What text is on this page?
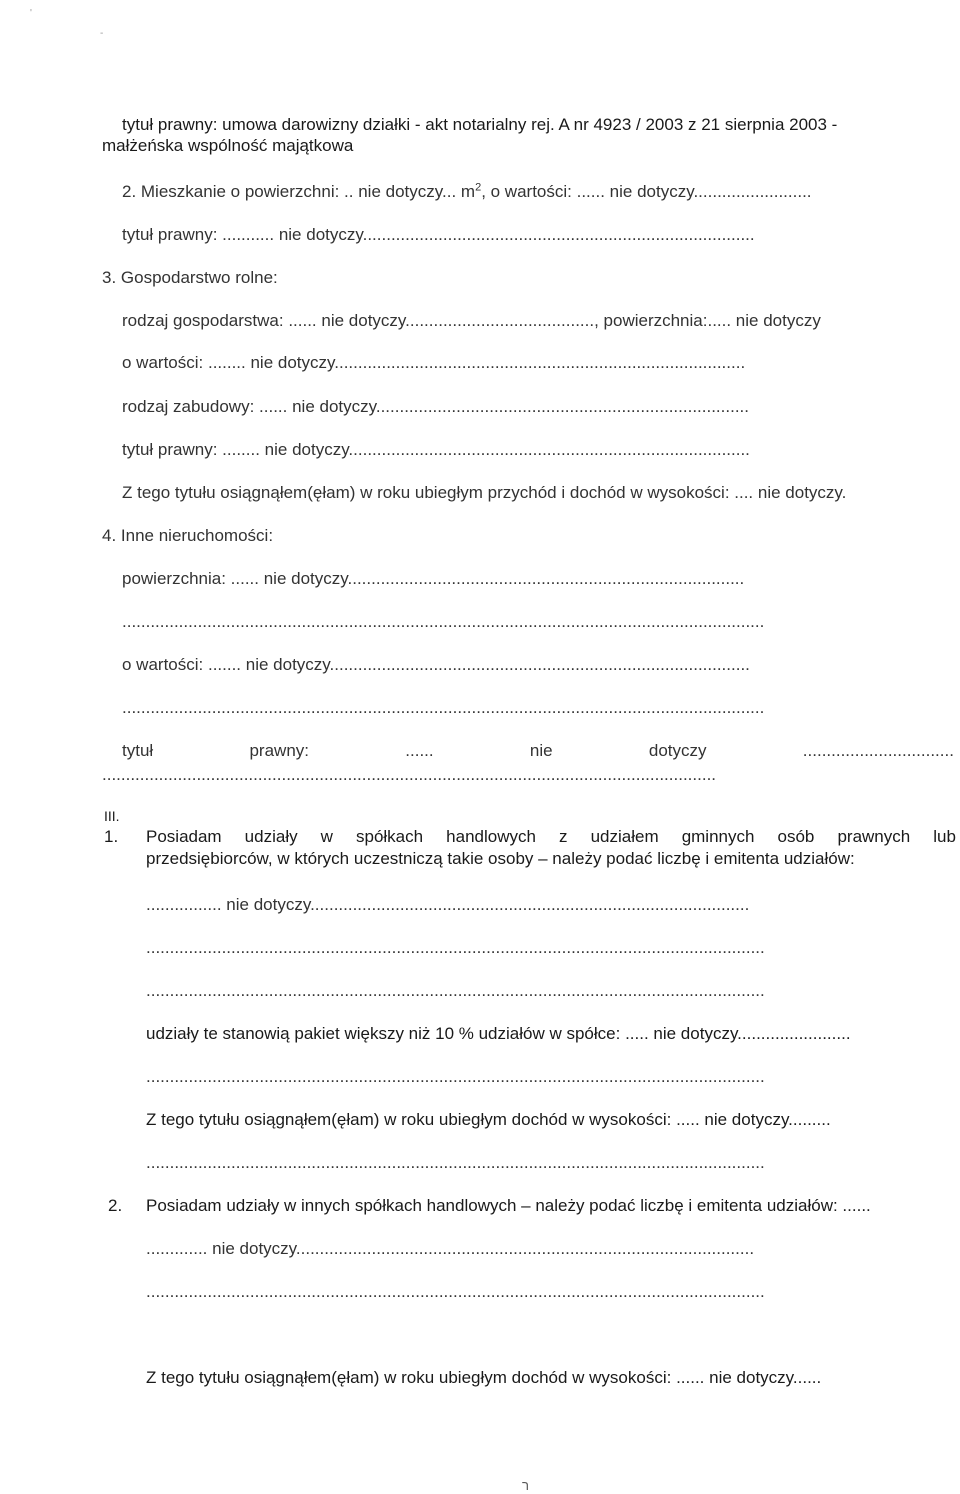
'
-
ר
tytuł prawny: umowa darowizny działki - akt notarialny rej. A nr 4923 / 2003 z 21 sierpnia 2003 -
małżeńska wspólność majątkowa
2. Mieszkanie o powierzchni: .. nie dotyczy... $m^2$, o wartości: ...... nie dotyczy.........................
tytuł prawny: ........... nie dotyczy...................................................................................
3. Gospodarstwo rolne:
rodzaj gospodarstwa: ...... nie dotyczy........................................, powierzchnia:..... nie dotyczy
o wartości: ........ nie dotyczy.......................................................................................
rodzaj zabudowy: ...... nie dotyczy...............................................................................
tytuł prawny: ........ nie dotyczy.....................................................................................
Z tego tytułu osiągnąłem(ęłam) w roku ubiegłym przychód i dochód w wysokości: .... nie dotyczy.
4. Inne nieruchomości:
powierzchnia: ...... nie dotyczy....................................................................................
........................................................................................................................................
o wartości: ....... nie dotyczy.........................................................................................
........................................................................................................................................
tytuł	prawny:	......	nie	dotyczy	................................
..................................................................................................................................
III.
1. Posiadam udziały w spółkach handlowych z udziałem gminnych osób prawnych lub
przedsiębiorców, w których uczestniczą takie osoby – należy podać liczbę i emitenta udziałów:
................ nie dotyczy.............................................................................................
...................................................................................................................................
...................................................................................................................................
udziały te stanowią pakiet większy niż 10 % udziałów w spółce: ..... nie dotyczy........................
...................................................................................................................................
Z tego tytułu osiągnąłem(ęłam) w roku ubiegłym dochód w wysokości: ..... nie dotyczy.........
...................................................................................................................................
2. Posiadam udziały w innych spółkach handlowych – należy podać liczbę i emitenta udziałów: ......
............. nie dotyczy.................................................................................................
...................................................................................................................................
Z tego tytułu osiągnąłem(ęłam) w roku ubiegłym dochód w wysokości: ...... nie dotyczy......
